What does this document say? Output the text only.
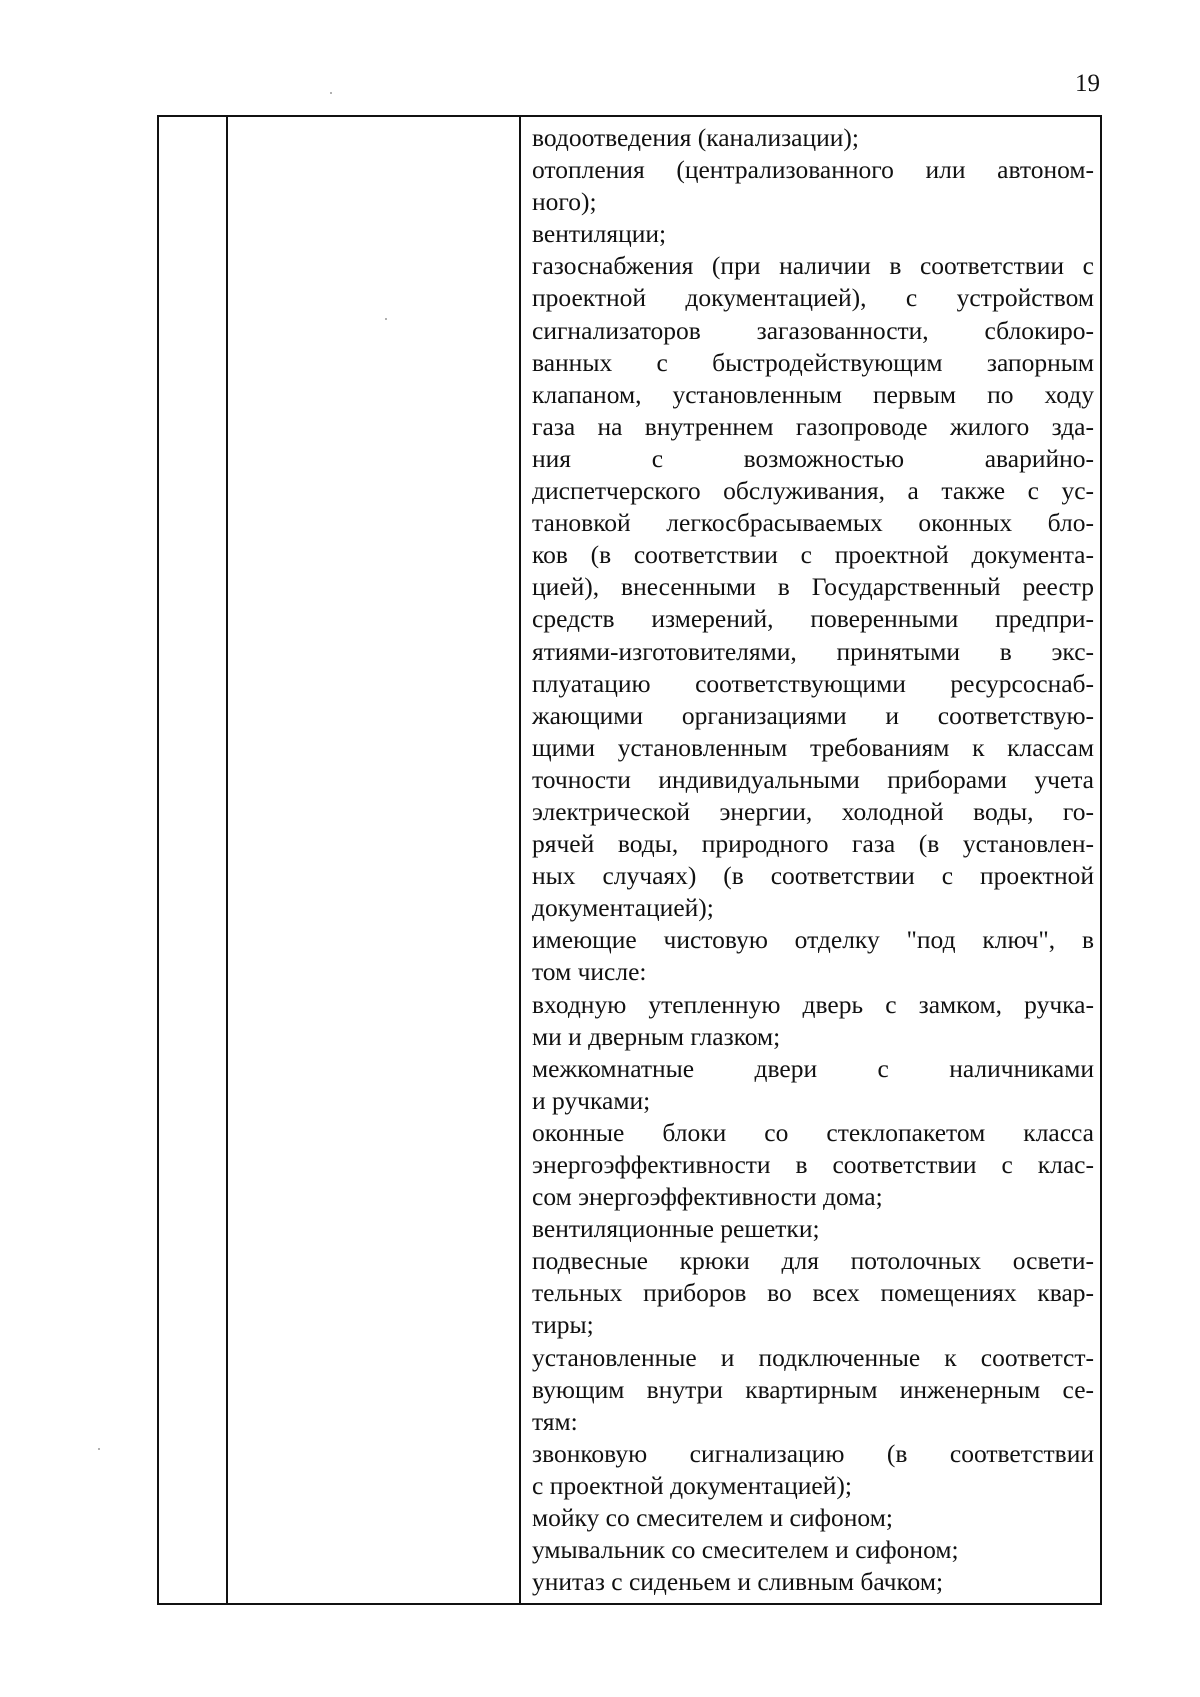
19
водоотведения (канализации);
отопления (централизованного или автоном-
ного);
вентиляции;
газоснабжения (при наличии в соответствии с
проектной документацией), с устройством
сигнализаторов загазованности, сблокиро-
ванных с быстродействующим запорным
клапаном, установленным первым по ходу
газа на внутреннем газопроводе жилого зда-
ния с возможностью аварийно-
диспетчерского обслуживания, а также с ус-
тановкой легкосбрасываемых оконных бло-
ков (в соответствии с проектной документа-
цией), внесенными в Государственный реестр
средств измерений, поверенными предпри-
ятиями-изготовителями, принятыми в экс-
плуатацию соответствующими ресурсоснаб-
жающими организациями и соответствую-
щими установленным требованиям к классам
точности индивидуальными приборами учета
электрической энергии, холодной воды, го-
рячей воды, природного газа (в установлен-
ных случаях) (в соответствии с проектной
документацией);
имеющие чистовую отделку "под ключ", в
том числе:
входную утепленную дверь с замком, ручка-
ми и дверным глазком;
межкомнатные двери с наличниками
и ручками;
оконные блоки со стеклопакетом класса
энергоэффективности в соответствии с клас-
сом энергоэффективности дома;
вентиляционные решетки;
подвесные крюки для потолочных освети-
тельных приборов во всех помещениях квар-
тиры;
установленные и подключенные к соответст-
вующим внутри квартирным инженерным се-
тям:
звонковую сигнализацию (в соответствии
с проектной документацией);
мойку со смесителем и сифоном;
умывальник со смесителем и сифоном;
унитаз с сиденьем и сливным бачком;
